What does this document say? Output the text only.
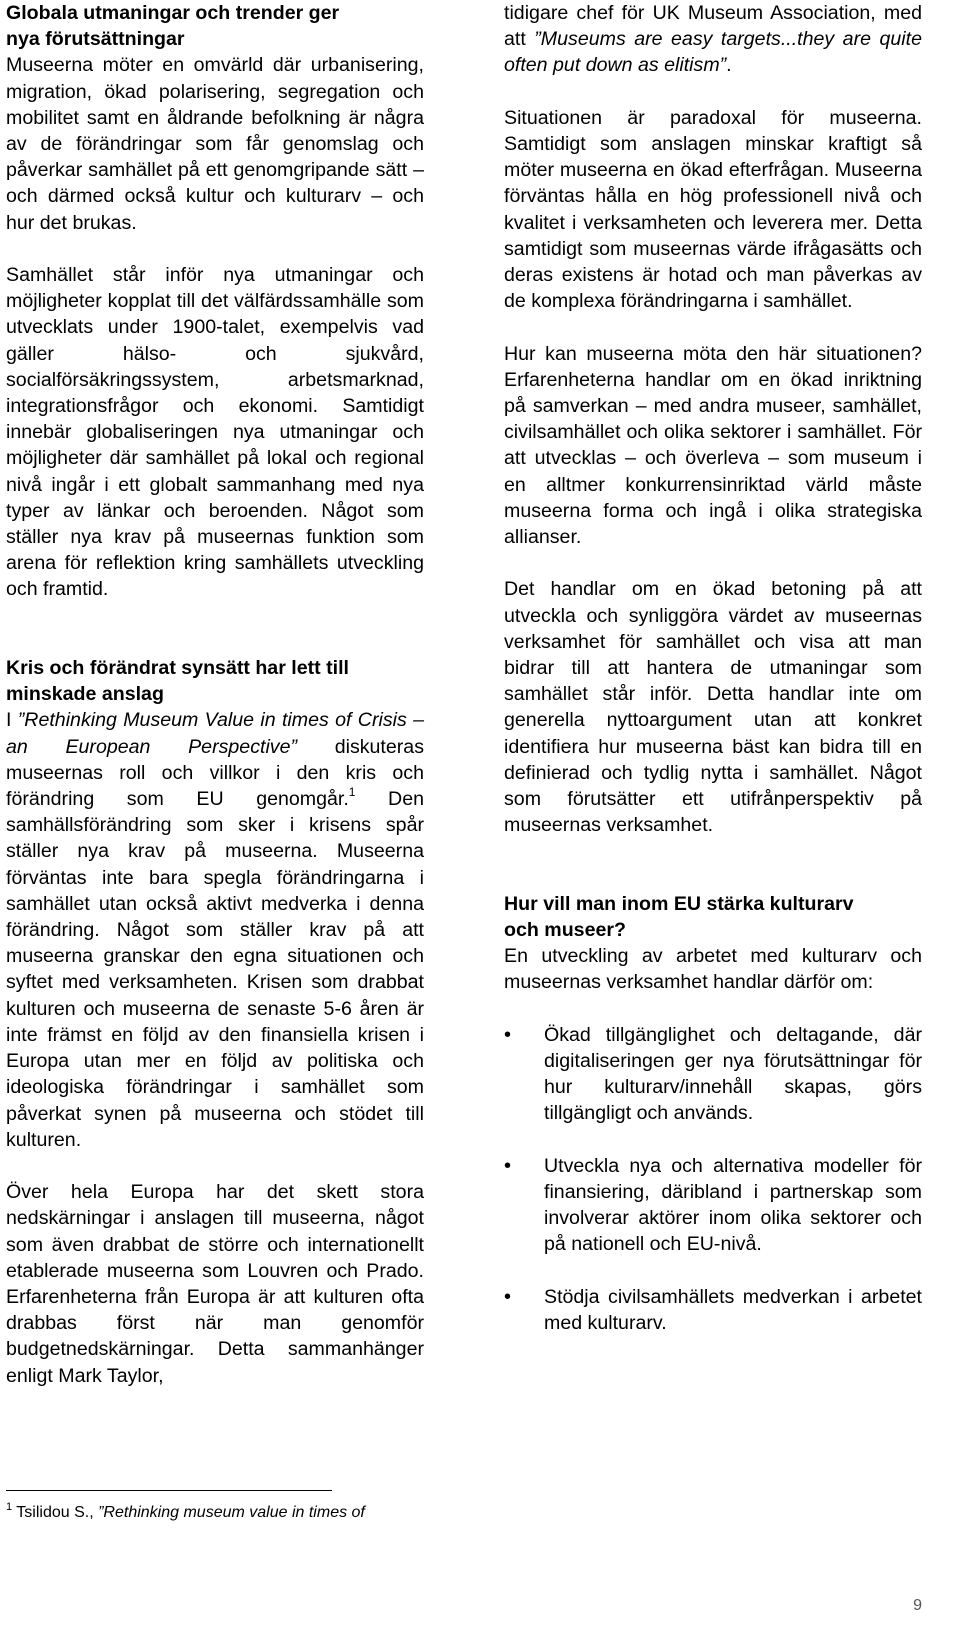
Globala utmaningar och trender ger
nya förutsättningar

Museerna möter en omvärld där urbanisering, migration, ökad polarisering, segregation och mobilitet samt en åldrande befolkning är några av de förändringar som får genomslag och påverkar samhället på ett genomgripande sätt – och därmed också kultur och kulturarv – och hur det brukas.

Samhället står inför nya utmaningar och möjligheter kopplat till det välfärdssamhälle som utvecklats under 1900-talet, exempelvis vad gäller hälso- och sjukvård, socialförsäkringssystem, arbetsmarknad, integrationsfrågor och ekonomi. Samtidigt innebär globaliseringen nya utmaningar och möjligheter där samhället på lokal och regional nivå ingår i ett globalt sammanhang med nya typer av länkar och beroenden. Något som ställer nya krav på museernas funktion som arena för reflektion kring samhällets utveckling och framtid.

Kris och förändrat synsätt har lett till
minskade anslag

I ”Rethinking Museum Value in times of Crisis – an European Perspective” diskuteras museernas roll och villkor i den kris och förändring som EU genomgår.$^1$ Den samhällsförändring som sker i krisens spår ställer nya krav på museerna. Museerna förväntas inte bara spegla förändringarna i samhället utan också aktivt medverka i denna förändring. Något som ställer krav på att museerna granskar den egna situationen och syftet med verksamheten. Krisen som drabbat kulturen och museerna de senaste 5-6 åren är inte främst en följd av den finansiella krisen i Europa utan mer en följd av politiska och ideologiska förändringar i samhället som påverkat synen på museerna och stödet till kulturen.

Över hela Europa har det skett stora nedskärningar i anslagen till museerna, något som även drabbat de större och internationellt etablerade museerna som Louvren och Prado. Erfarenheterna från Europa är att kulturen ofta drabbas först när man genomför budgetnedskärningar. Detta sammanhänger enligt Mark Taylor,

tidigare chef för UK Museum Association, med att ”Museums are easy targets...they are quite often put down as elitism”.

Situationen är paradoxal för museerna. Samtidigt som anslagen minskar kraftigt så möter museerna en ökad efterfrågan. Museerna förväntas hålla en hög professionell nivå och kvalitet i verksamheten och leverera mer. Detta samtidigt som museernas värde ifrågasätts och deras existens är hotad och man påverkas av de komplexa förändringarna i samhället.

Hur kan museerna möta den här situationen? Erfarenheterna handlar om en ökad inriktning på samverkan – med andra museer, samhället, civilsamhället och olika sektorer i samhället. För att utvecklas – och överleva – som museum i en alltmer konkurrensinriktad värld måste museerna forma och ingå i olika strategiska allianser.

Det handlar om en ökad betoning på att utveckla och synliggöra värdet av museernas verksamhet för samhället och visa att man bidrar till att hantera de utmaningar som samhället står inför. Detta handlar inte om generella nyttoargument utan att konkret identifiera hur museerna bäst kan bidra till en definierad och tydlig nytta i samhället. Något som förutsätter ett utifrånperspektiv på museernas verksamhet.

Hur vill man inom EU stärka kulturarv
och museer?

En utveckling av arbetet med kulturarv och museernas verksamhet handlar därför om:

• Ökad tillgänglighet och deltagande, där digitaliseringen ger nya förutsättningar för hur kulturarv/innehåll skapas, görs tillgängligt och används.
• Utveckla nya och alternativa modeller för finansiering, däribland i partnerskap som involverar aktörer inom olika sektorer och på nationell och EU-nivå.
• Stödja civilsamhällets medverkan i arbetet med kulturarv.
$^1$ Tsilidou S., ”Rethinking museum value in times of
9
